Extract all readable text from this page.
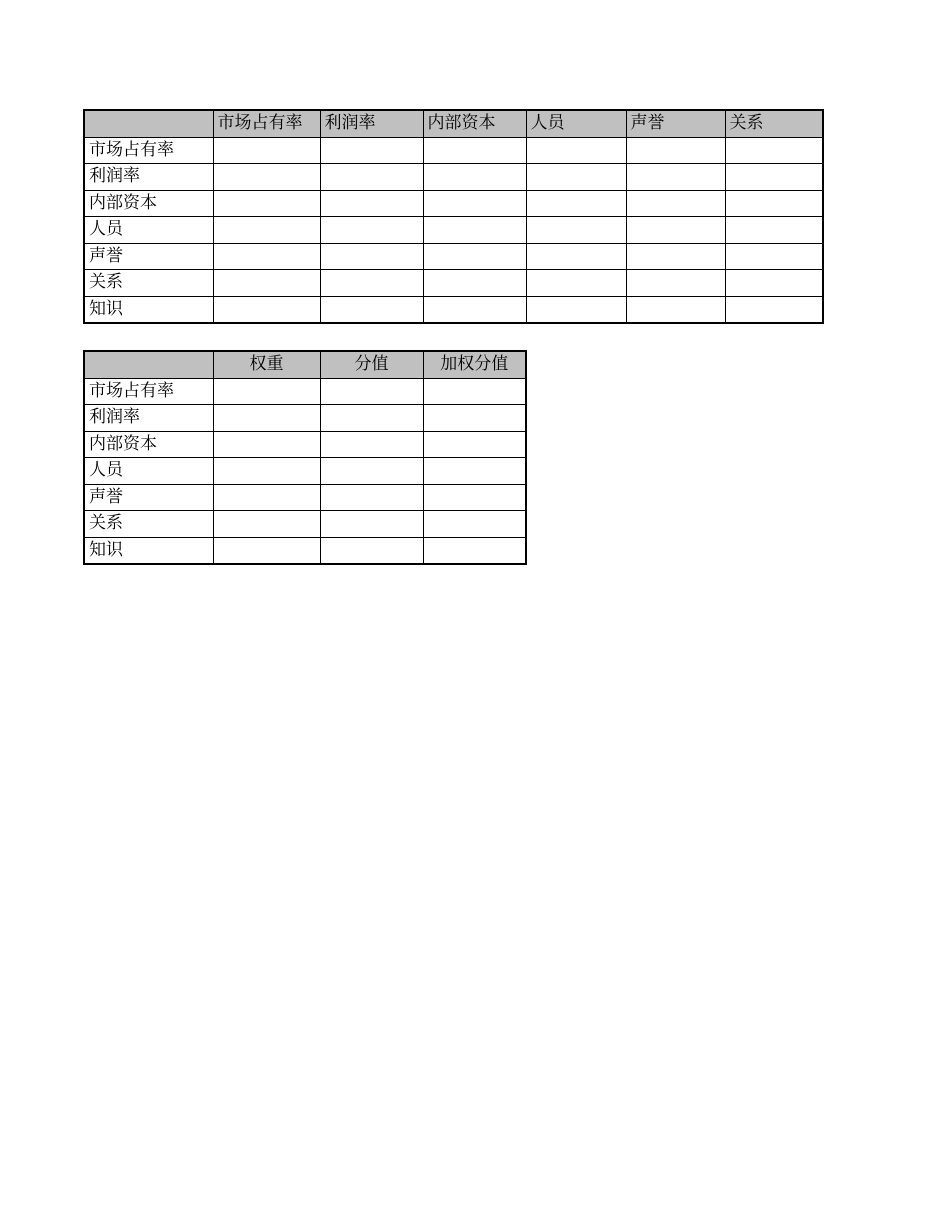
	市场占有率	利润率	内部资本	人员	声誉	关系
市场占有率						
利润率						
内部资本						
人员						
声誉						
关系						
知识						
	权重	分值	加权分值
市场占有率			
利润率			
内部资本			
人员			
声誉			
关系			
知识			
